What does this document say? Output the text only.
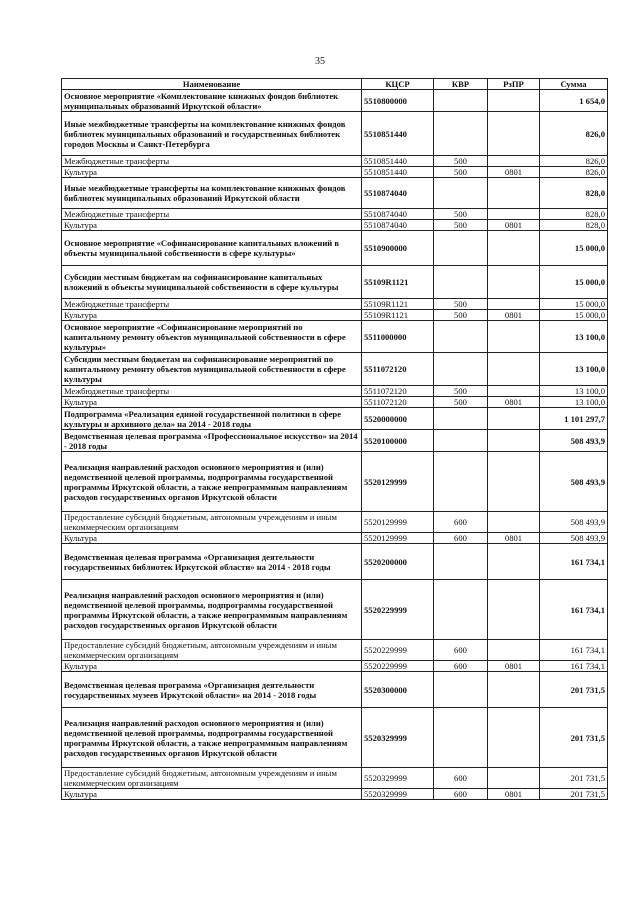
35
Наименование	КЦСР	КВР	РзПР	Сумма
Основное мероприятие «Комплектование книжных фондов библиотек муниципальных образований Иркутской области»	5510800000			1 654,0
Иные межбюджетные трансферты на комплектование книжных фондов библиотек муниципальных образований и государственных библиотек городов Москвы и Санкт-Петербурга	5510851440			826,0
Межбюджетные трансферты	5510851440	500		826,0
Культура	5510851440	500	0801	826,0
Иные межбюджетные трансферты на комплектование книжных фондов библиотек муниципальных образований Иркутской области	5510874040			828,0
Межбюджетные трансферты	5510874040	500		828,0
Культура	5510874040	500	0801	828,0
Основное мероприятие «Софинансирование капитальных вложений в объекты муниципальной собственности в сфере культуры»	5510900000			15 000,0
Субсидии местным бюджетам на софинансирование капитальных вложений в объекты муниципальной собственности в сфере культуры	55109R1121			15 000,0
Межбюджетные трансферты	55109R1121	500		15 000,0
Культура	55109R1121	500	0801	15 000,0
Основное мероприятие «Софинансирование мероприятий по капитальному ремонту объектов муниципальной собственности в сфере культуры»	5511000000			13 100,0
Субсидии местным бюджетам на софинансирование мероприятий по капитальному ремонту объектов муниципальной собственности в сфере культуры	5511072120			13 100,0
Межбюджетные трансферты	5511072120	500		13 100,0
Культура	5511072120	500	0801	13 100,0
Подпрограмма «Реализация единой государственной политики в сфере культуры и архивного дела» на 2014 - 2018 годы	5520000000			1 101 297,7
Ведомственная целевая программа «Профессиональное искусство» на 2014 - 2018 годы	5520100000			508 493,9
Реализация направлений расходов основного мероприятия и (или) ведомственной целевой программы, подпрограммы государственной программы Иркутской области, а также непрограммным направлениям расходов государственных органов Иркутской области	5520129999			508 493,9
Предоставление субсидий бюджетным, автономным учреждениям и иным некоммерческим организациям	5520129999	600		508 493,9
Культура	5520129999	600	0801	508 493,9
Ведомственная целевая программа «Организация деятельности государственных библиотек Иркутской области» на 2014 - 2018 годы	5520200000			161 734,1
Реализация направлений расходов основного мероприятия и (или) ведомственной целевой программы, подпрограммы государственной программы Иркутской области, а также непрограммным направлениям расходов государственных органов Иркутской области	5520229999			161 734,1
Предоставление субсидий бюджетным, автономным учреждениям и иным некоммерческим организациям	5520229999	600		161 734,1
Культура	5520229999	600	0801	161 734,1
Ведомственная целевая программа «Организация деятельности государственных музеев Иркутской области» на 2014 - 2018 годы	5520300000			201 731,5
Реализация направлений расходов основного мероприятия и (или) ведомственной целевой программы, подпрограммы государственной программы Иркутской области, а также непрограммным направлениям расходов государственных органов Иркутской области	5520329999			201 731,5
Предоставление субсидий бюджетным, автономным учреждениям и иным некоммерческим организациям	5520329999	600		201 731,5
Культура	5520329999	600	0801	201 731,5
